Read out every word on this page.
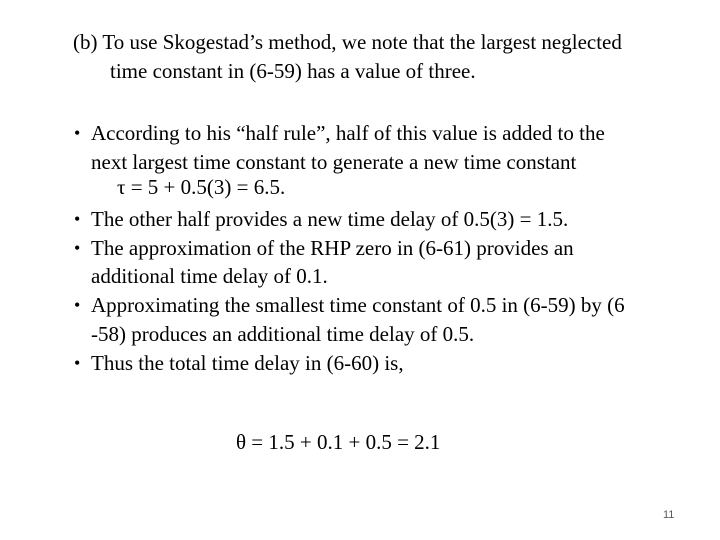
(b) To use Skogestad’s method, we note that the largest neglected
time constant in (6-59) has a value of three.
• According to his “half rule”, half of this value is added to the
next largest time constant to generate a new time constant
τ = 5 + 0.5(3) = 6.5.
• The other half provides a new time delay of 0.5(3) = 1.5.
• The approximation of the RHP zero in (6-61) provides an
additional time delay of 0.1.
• Approximating the smallest time constant of 0.5 in (6-59) by (6
-58) produces an additional time delay of 0.5.
• Thus the total time delay in (6-60) is,
θ = 1.5 + 0.1 + 0.5 = 2.1
11
